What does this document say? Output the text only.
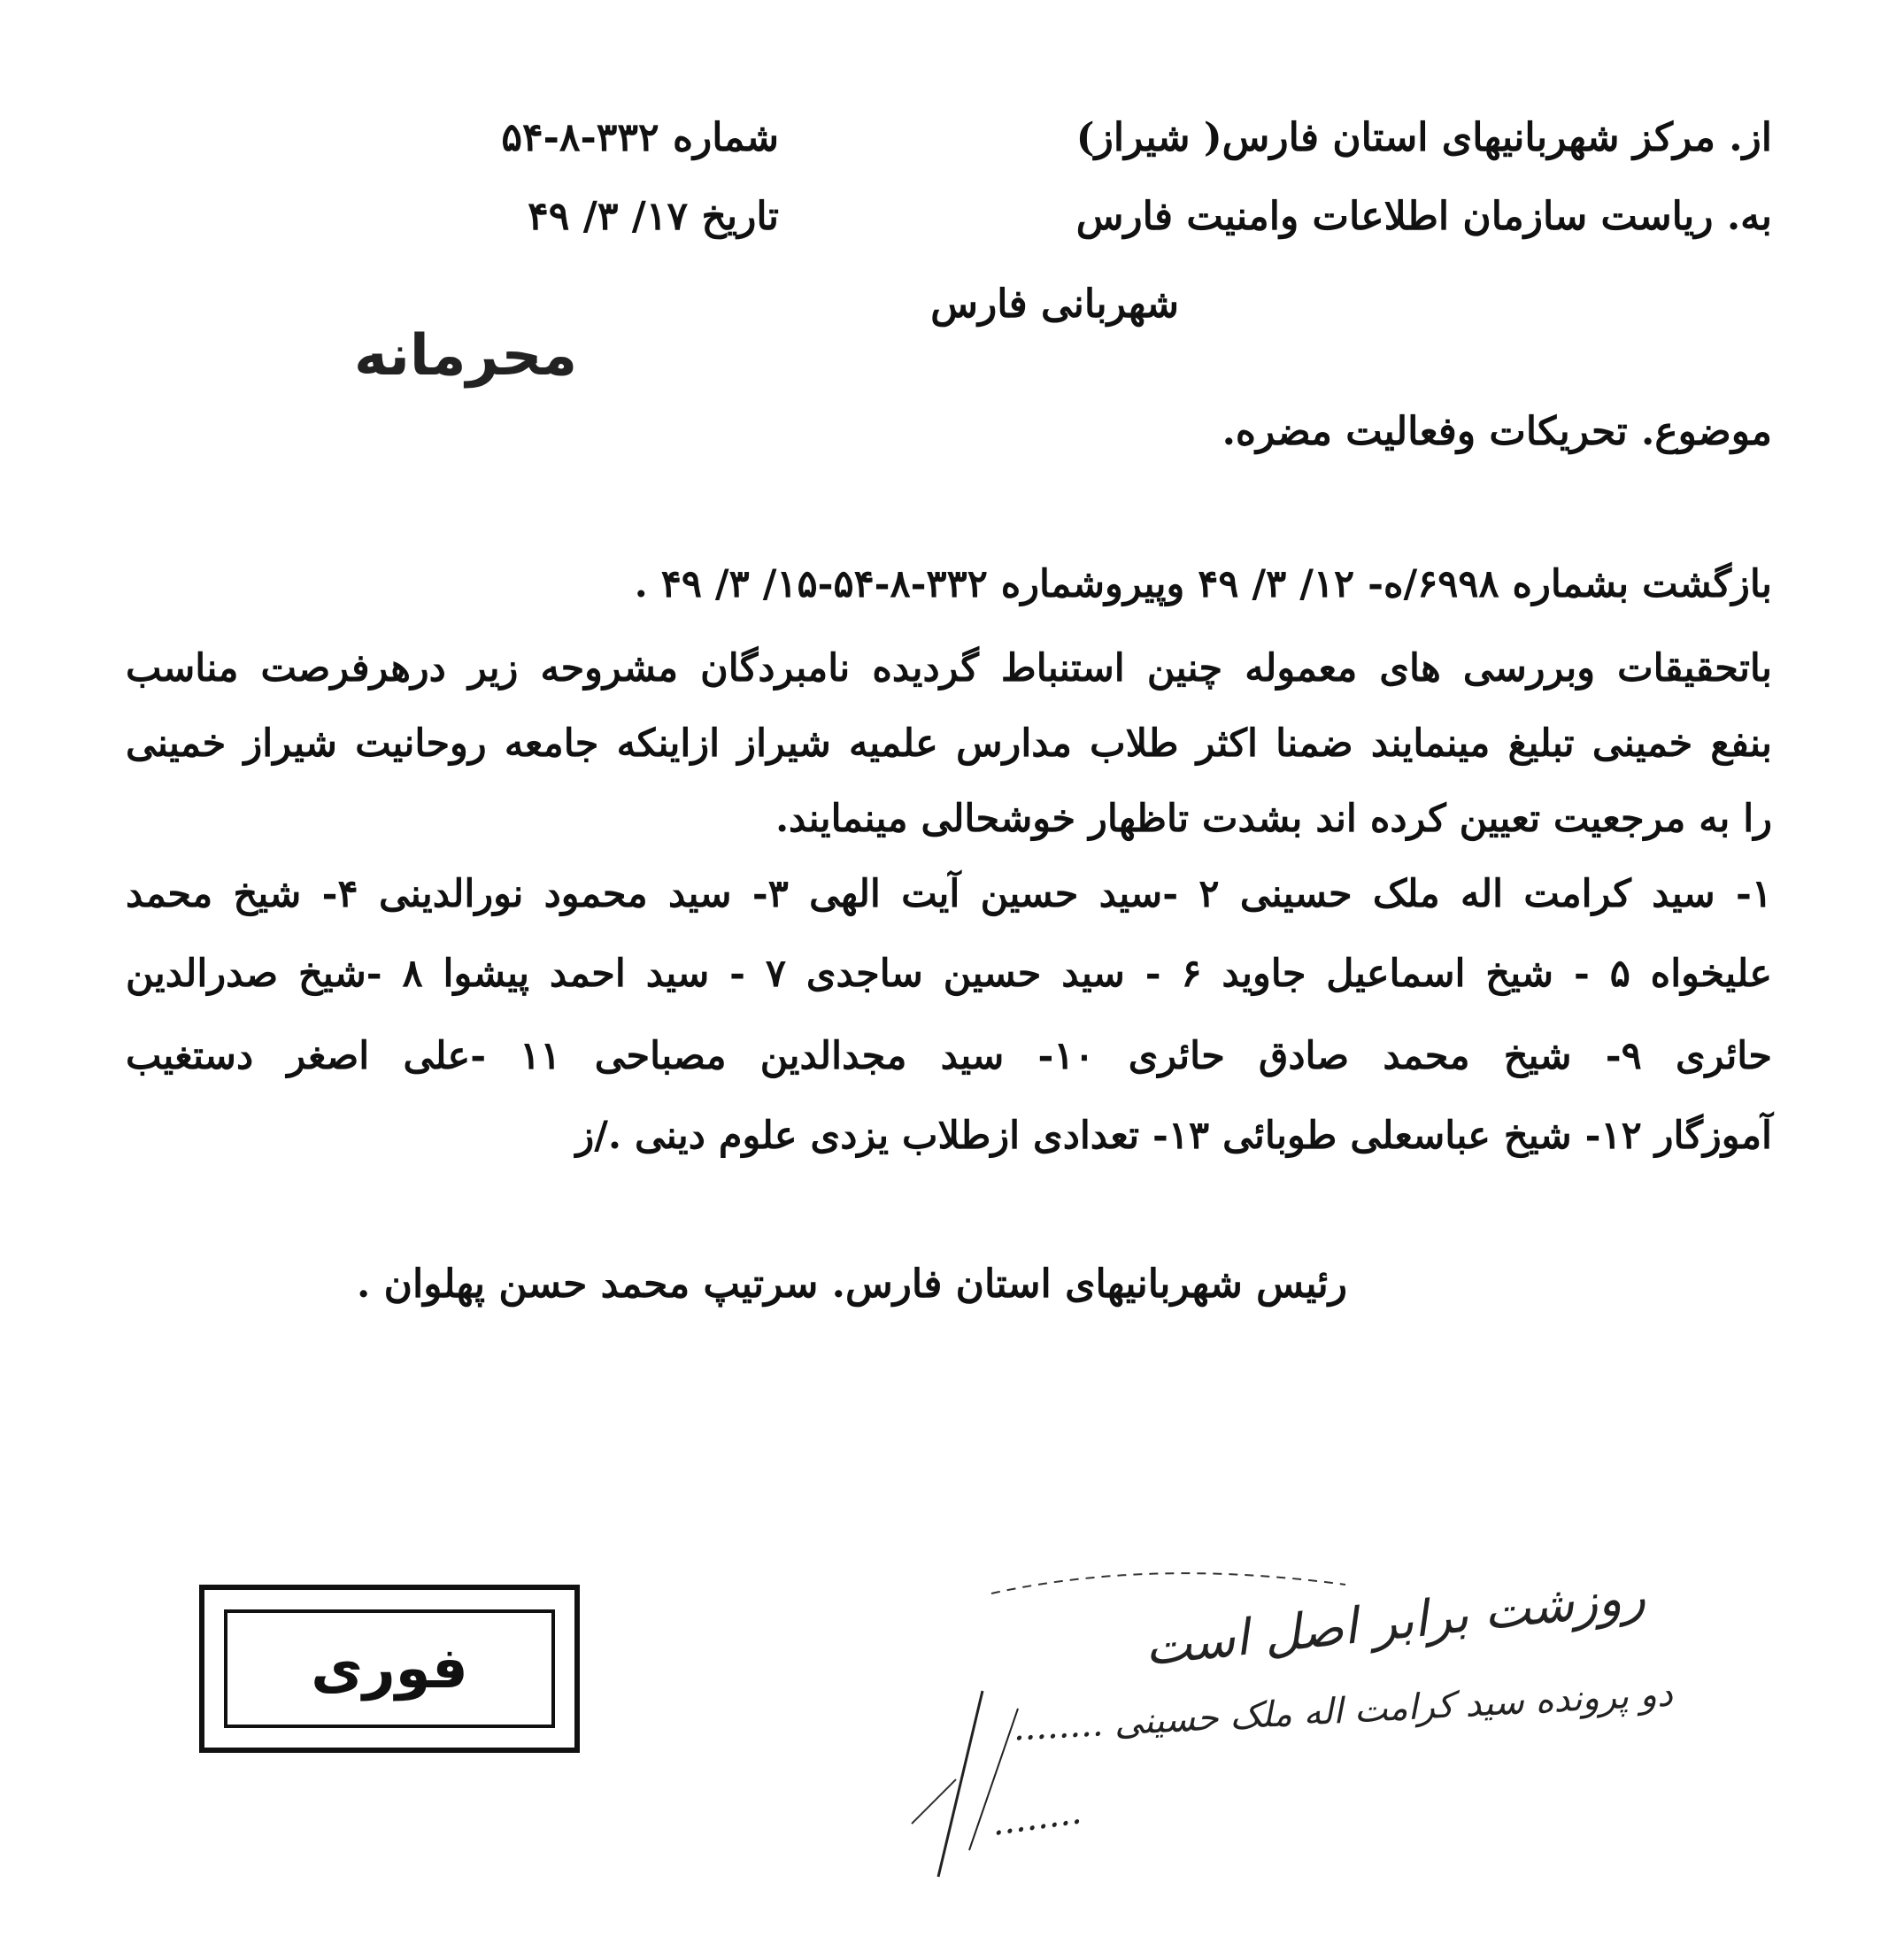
از. مرکز شهربانیهای استان فارس( شیراز)
به. ریاست سازمان اطلاعات وامنیت فارس
شهربانی فارس
شماره ۳۳۲-۸-۵۴
تاریخ ۱۷/ ۳/ ۴۹
محرمانه
موضوع. تحریکات وفعالیت مضره.
بازگشت بشماره ۶۹۹۸/ه- ۱۲/ ۳/ ۴۹ وپیروشماره ۳۳۲-۸-۵۴-۱۵/ ۳/ ۴۹ .
باتحقیقات وبررسی های معموله چنین استنباط گردیده نامبردگان مشروحه زیر درهرفرصت مناسب
بنفع خمینی تبلیغ مینمایند ضمنا اکثر طلاب مدارس علمیه شیراز ازاینکه جامعه روحانیت شیراز خمینی
را به مرجعیت تعیین کرده اند بشدت تاظهار خوشحالی مینمایند.
۱- سید کرامت اله ملک حسینی ۲ -سید حسین آیت الهی ۳- سید محمود نورالدینی ۴- شیخ محمد
علیخواه ۵ - شیخ اسماعیل جاوید ۶ - سید حسین ساجدی ۷ - سید احمد پیشوا ۸ -شیخ صدرالدین
حائری ۹- شیخ محمد صادق حائری ۱۰- سید مجدالدین مصباحی ۱۱ -علی اصغر دستغیب
آموزگار ۱۲- شیخ عباسعلی طوبائی ۱۳- تعدادی ازطلاب یزدی علوم دینی ./ز
رئیس شهربانیهای استان فارس. سرتیپ محمد حسن پهلوان .
فوری	روزشت برابر اصل است
دو پرونده سید کرامت اله ملک حسینی ........
........
